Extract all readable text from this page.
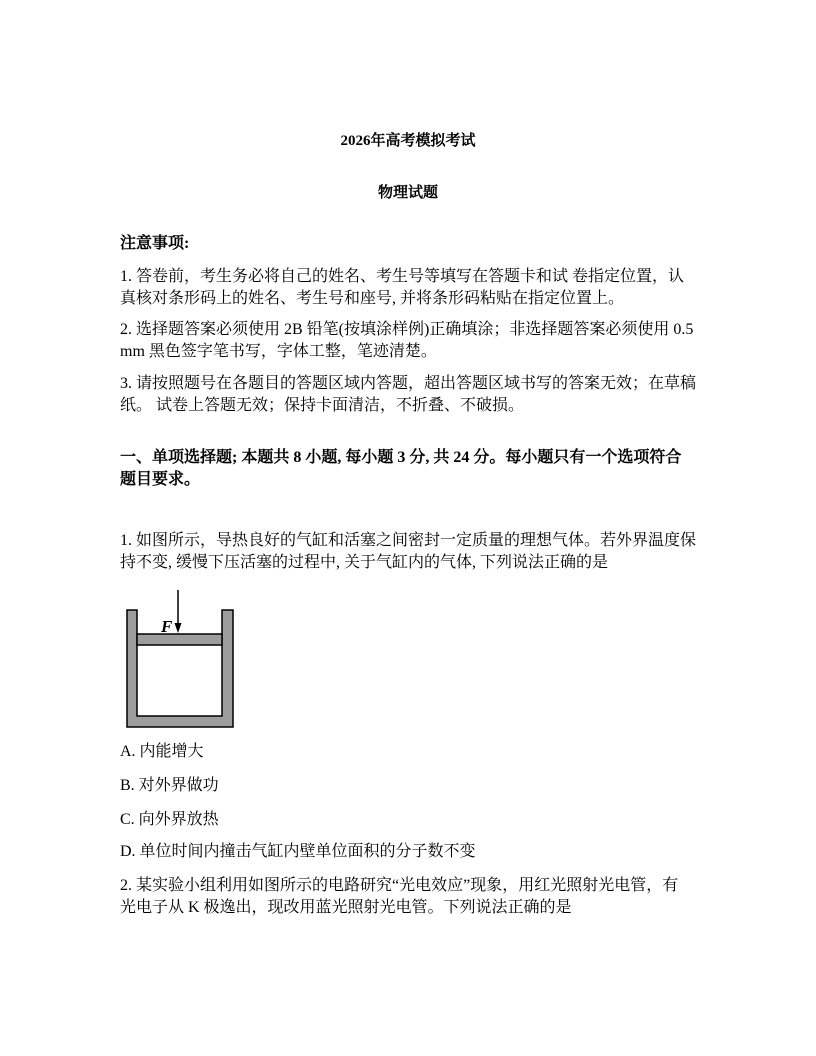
2026年高考模拟考试
物理试题
注意事项:
1. 答卷前，考生务必将自己的姓名、考生号等填写在答题卡和试 卷指定位置，认
真核对条形码上的姓名、考生号和座号, 并将条形码粘贴在指定位置上。
2. 选择题答案必须使用 2B 铅笔(按填涂样例)正确填涂；非选择题答案必须使用 0.5
mm 黑色签字笔书写，字体工整，笔迹清楚。
3. 请按照题号在各题目的答题区域内答题，超出答题区域书写的答案无效；在草稿
纸。 试卷上答题无效；保持卡面清洁，不折叠、不破损。
一、单项选择题; 本题共 8 小题, 每小题 3 分, 共 24 分。每小题只有一个选项符合
题目要求。
1. 如图所示，导热良好的气缸和活塞之间密封一定质量的理想气体。若外界温度保
持不变, 缓慢下压活塞的过程中, 关于气缸内的气体, 下列说法正确的是
F
A. 内能增大
B. 对外界做功
C. 向外界放热
D. 单位时间内撞击气缸内壁单位面积的分子数不变
2. 某实验小组利用如图所示的电路研究“光电效应”现象，用红光照射光电管，有
光电子从 K 极逸出，现改用蓝光照射光电管。下列说法正确的是
